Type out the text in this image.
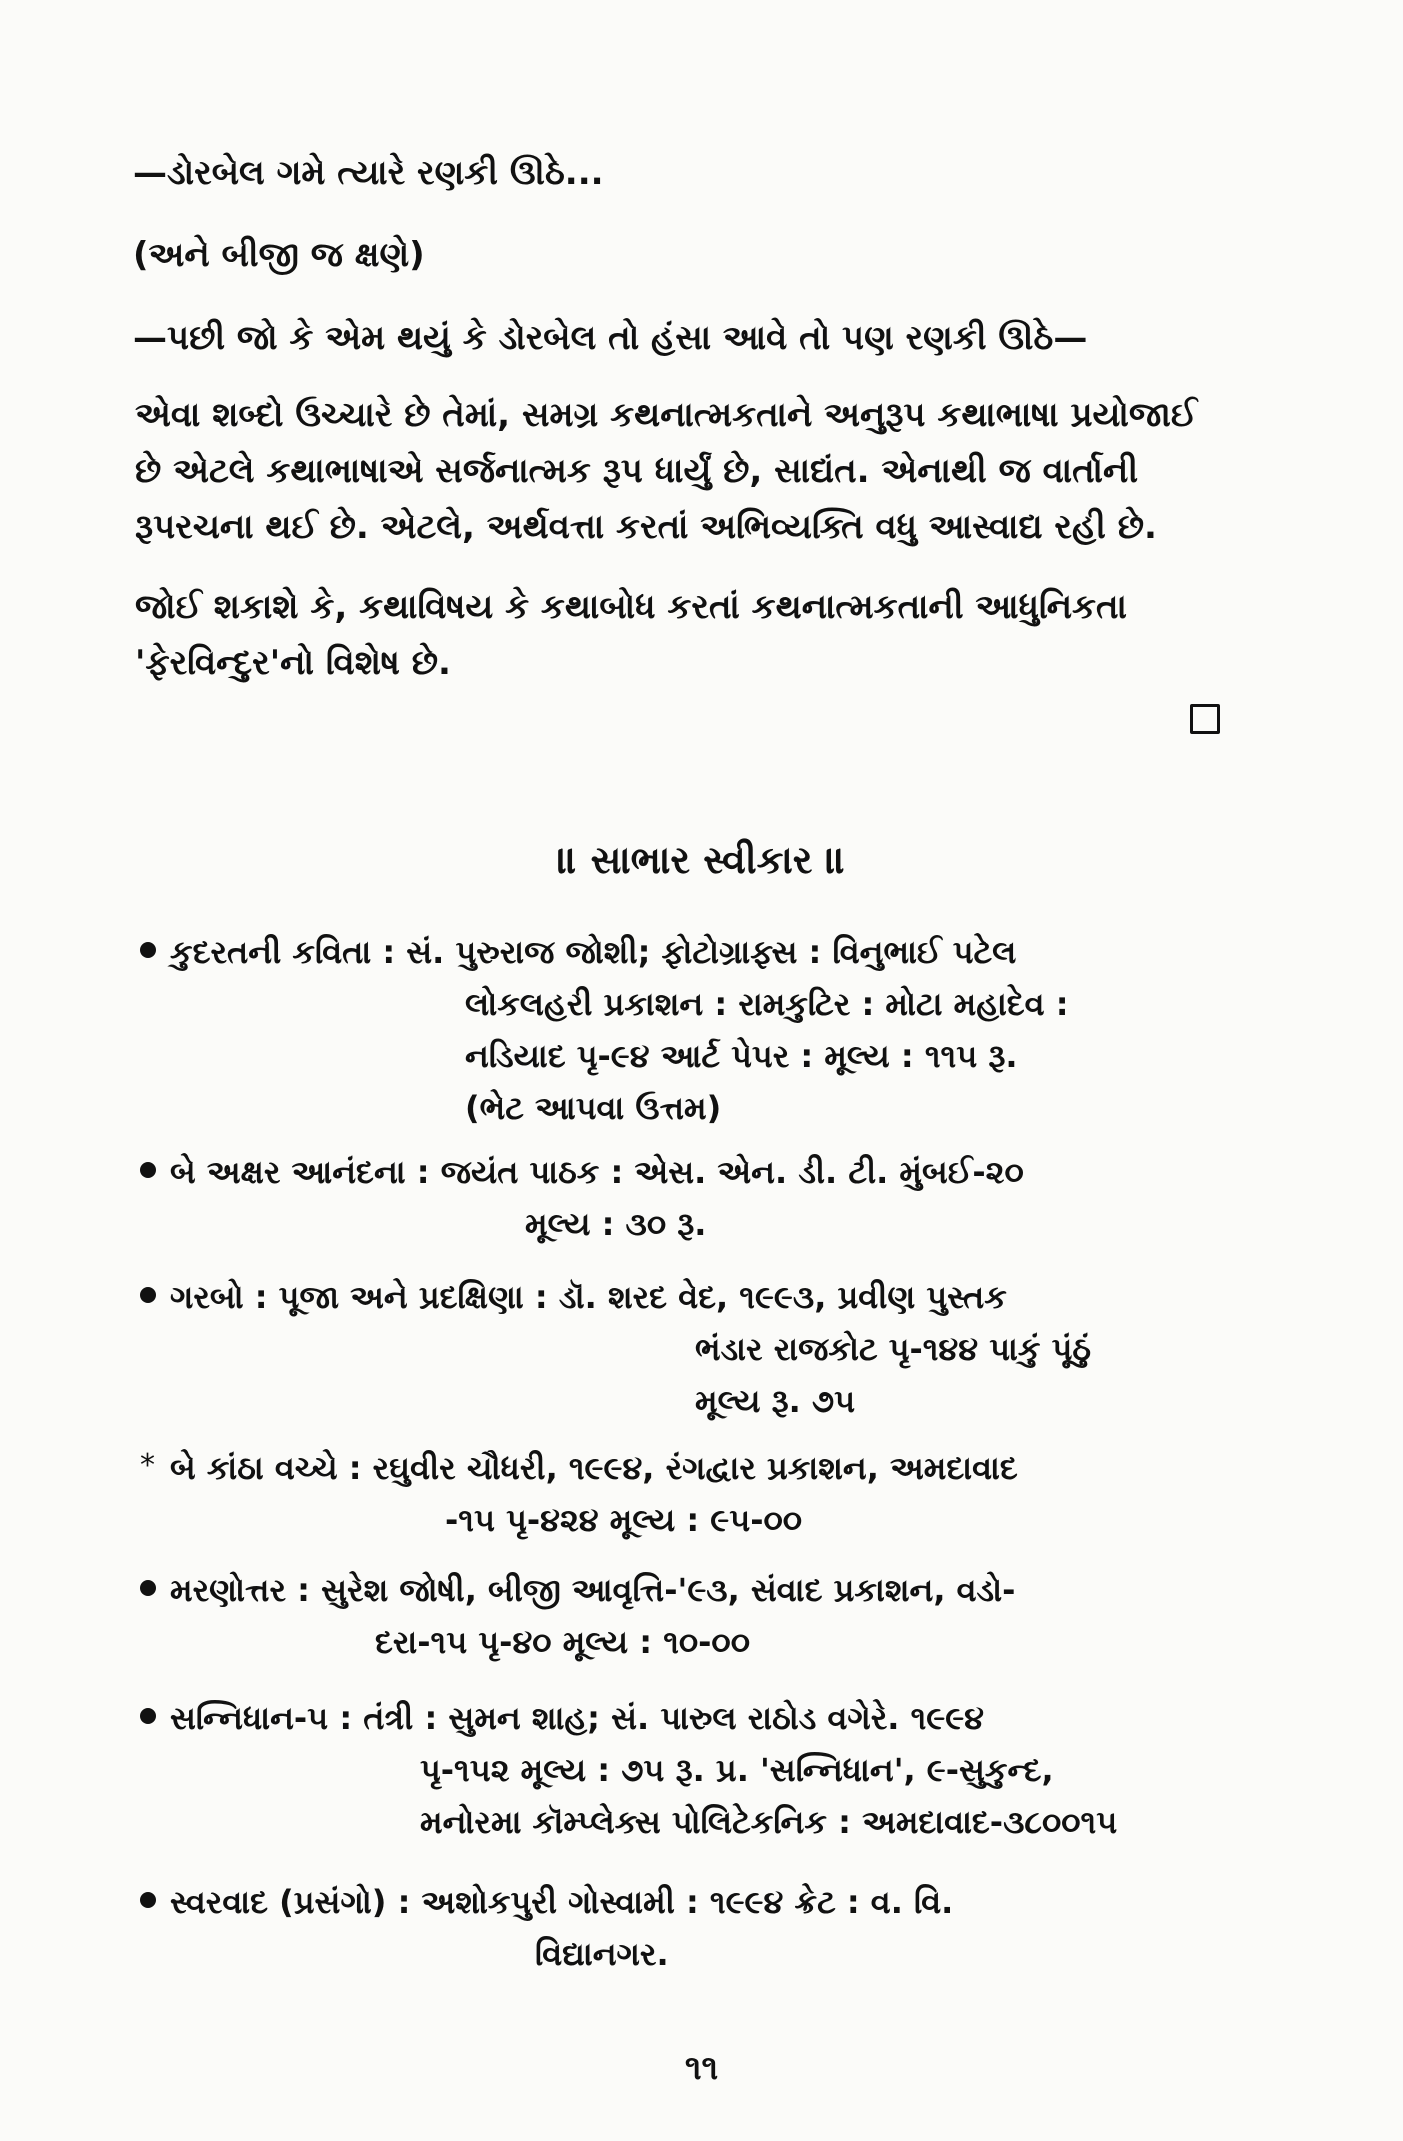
—ડોરબેલ ગમે ત્યારે રણકી ઊઠે...

(અને બીજી જ ક્ષણે)

—પછી જો કે એમ થયું કે ડોરબેલ તો હંસા આવે તો પણ રણકી ઊઠે—

એવા શબ્દો ઉચ્ચારે છે તેમાં, સમગ્ર કથનાત્મકતાને અનુરૂપ કથાભાષા પ્રયોજાઈ

છે એટલે કથાભાષાએ સર્જનાત્મક રૂપ ધાર્યું છે, સાદ્યંત. એનાથી જ વાર્તાની

રૂપરચના થઈ છે. એટલે, અર્થવત્તા કરતાં અભિવ્યક્તિ વધુ આસ્વાદ્ય રહી છે.

જોઈ શકાશે કે, કથાવિષય કે કથાબોધ કરતાં કથનાત્મકતાની આધુનિકતા

'ફેરવિન્દુર'નો વિશેષ છે.

॥ સાભાર સ્વીકાર ॥

કુદરતની કવિતા : સં. પુરુરાજ જોશી; ફોટોગ્રાફ્સ : વિનુભાઈ પટેલ

લોકલહરી પ્રકાશન : રામકુટિર : મોટા મહાદેવ :

નડિયાદ પૃ-૯૪ આર્ટ પેપર : મૂલ્ય : ૧૧૫ રૂ.

(ભેટ આપવા ઉત્તમ)

બે અક્ષર આનંદના : જયંત પાઠક : એસ. એન. ડી. ટી. મુંબઈ-૨૦

મૂલ્ય : ૩૦ રૂ.

ગરબો : પૂજા અને પ્રદક્ષિણા : ડૉ. શરદ વેદ, ૧૯૯૩, પ્રવીણ પુસ્તક

ભંડાર રાજકોટ પૃ-૧૪૪ પાકું પૂંઠું

મૂલ્ય રૂ. ૭૫

* બે કાંઠા વચ્ચે : રઘુવીર ચૌધરી, ૧૯૯૪, રંગદ્વાર પ્રકાશન, અમદાવાદ

-૧૫ પૃ-૪૨૪ મૂલ્ય : ૯૫-૦૦

મરણોત્તર : સુરેશ જોષી, બીજી આવૃત્તિ-'૯૩, સંવાદ પ્રકાશન, વડો-

દરા-૧૫ પૃ-૪૦ મૂલ્ય : ૧૦-૦૦

સન્નિધાન-૫ : તંત્રી : સુમન શાહ; સં. પારુલ રાઠોડ વગેરે. ૧૯૯૪

પૃ-૧૫૨ મૂલ્ય : ૭૫ રૂ. પ્ર. 'સન્નિધાન', ૯-સુકુન્દ,

મનોરમા કૉમ્પ્લેક્સ પોલિટેકનિક : અમદાવાદ-૩૮૦૦૧૫

સ્વરવાદ (પ્રસંગો) : અશોકપુરી ગોસ્વામી : ૧૯૯૪ ક્રેટ : વ. વિ.

વિદ્યાનગર.

૧૧
